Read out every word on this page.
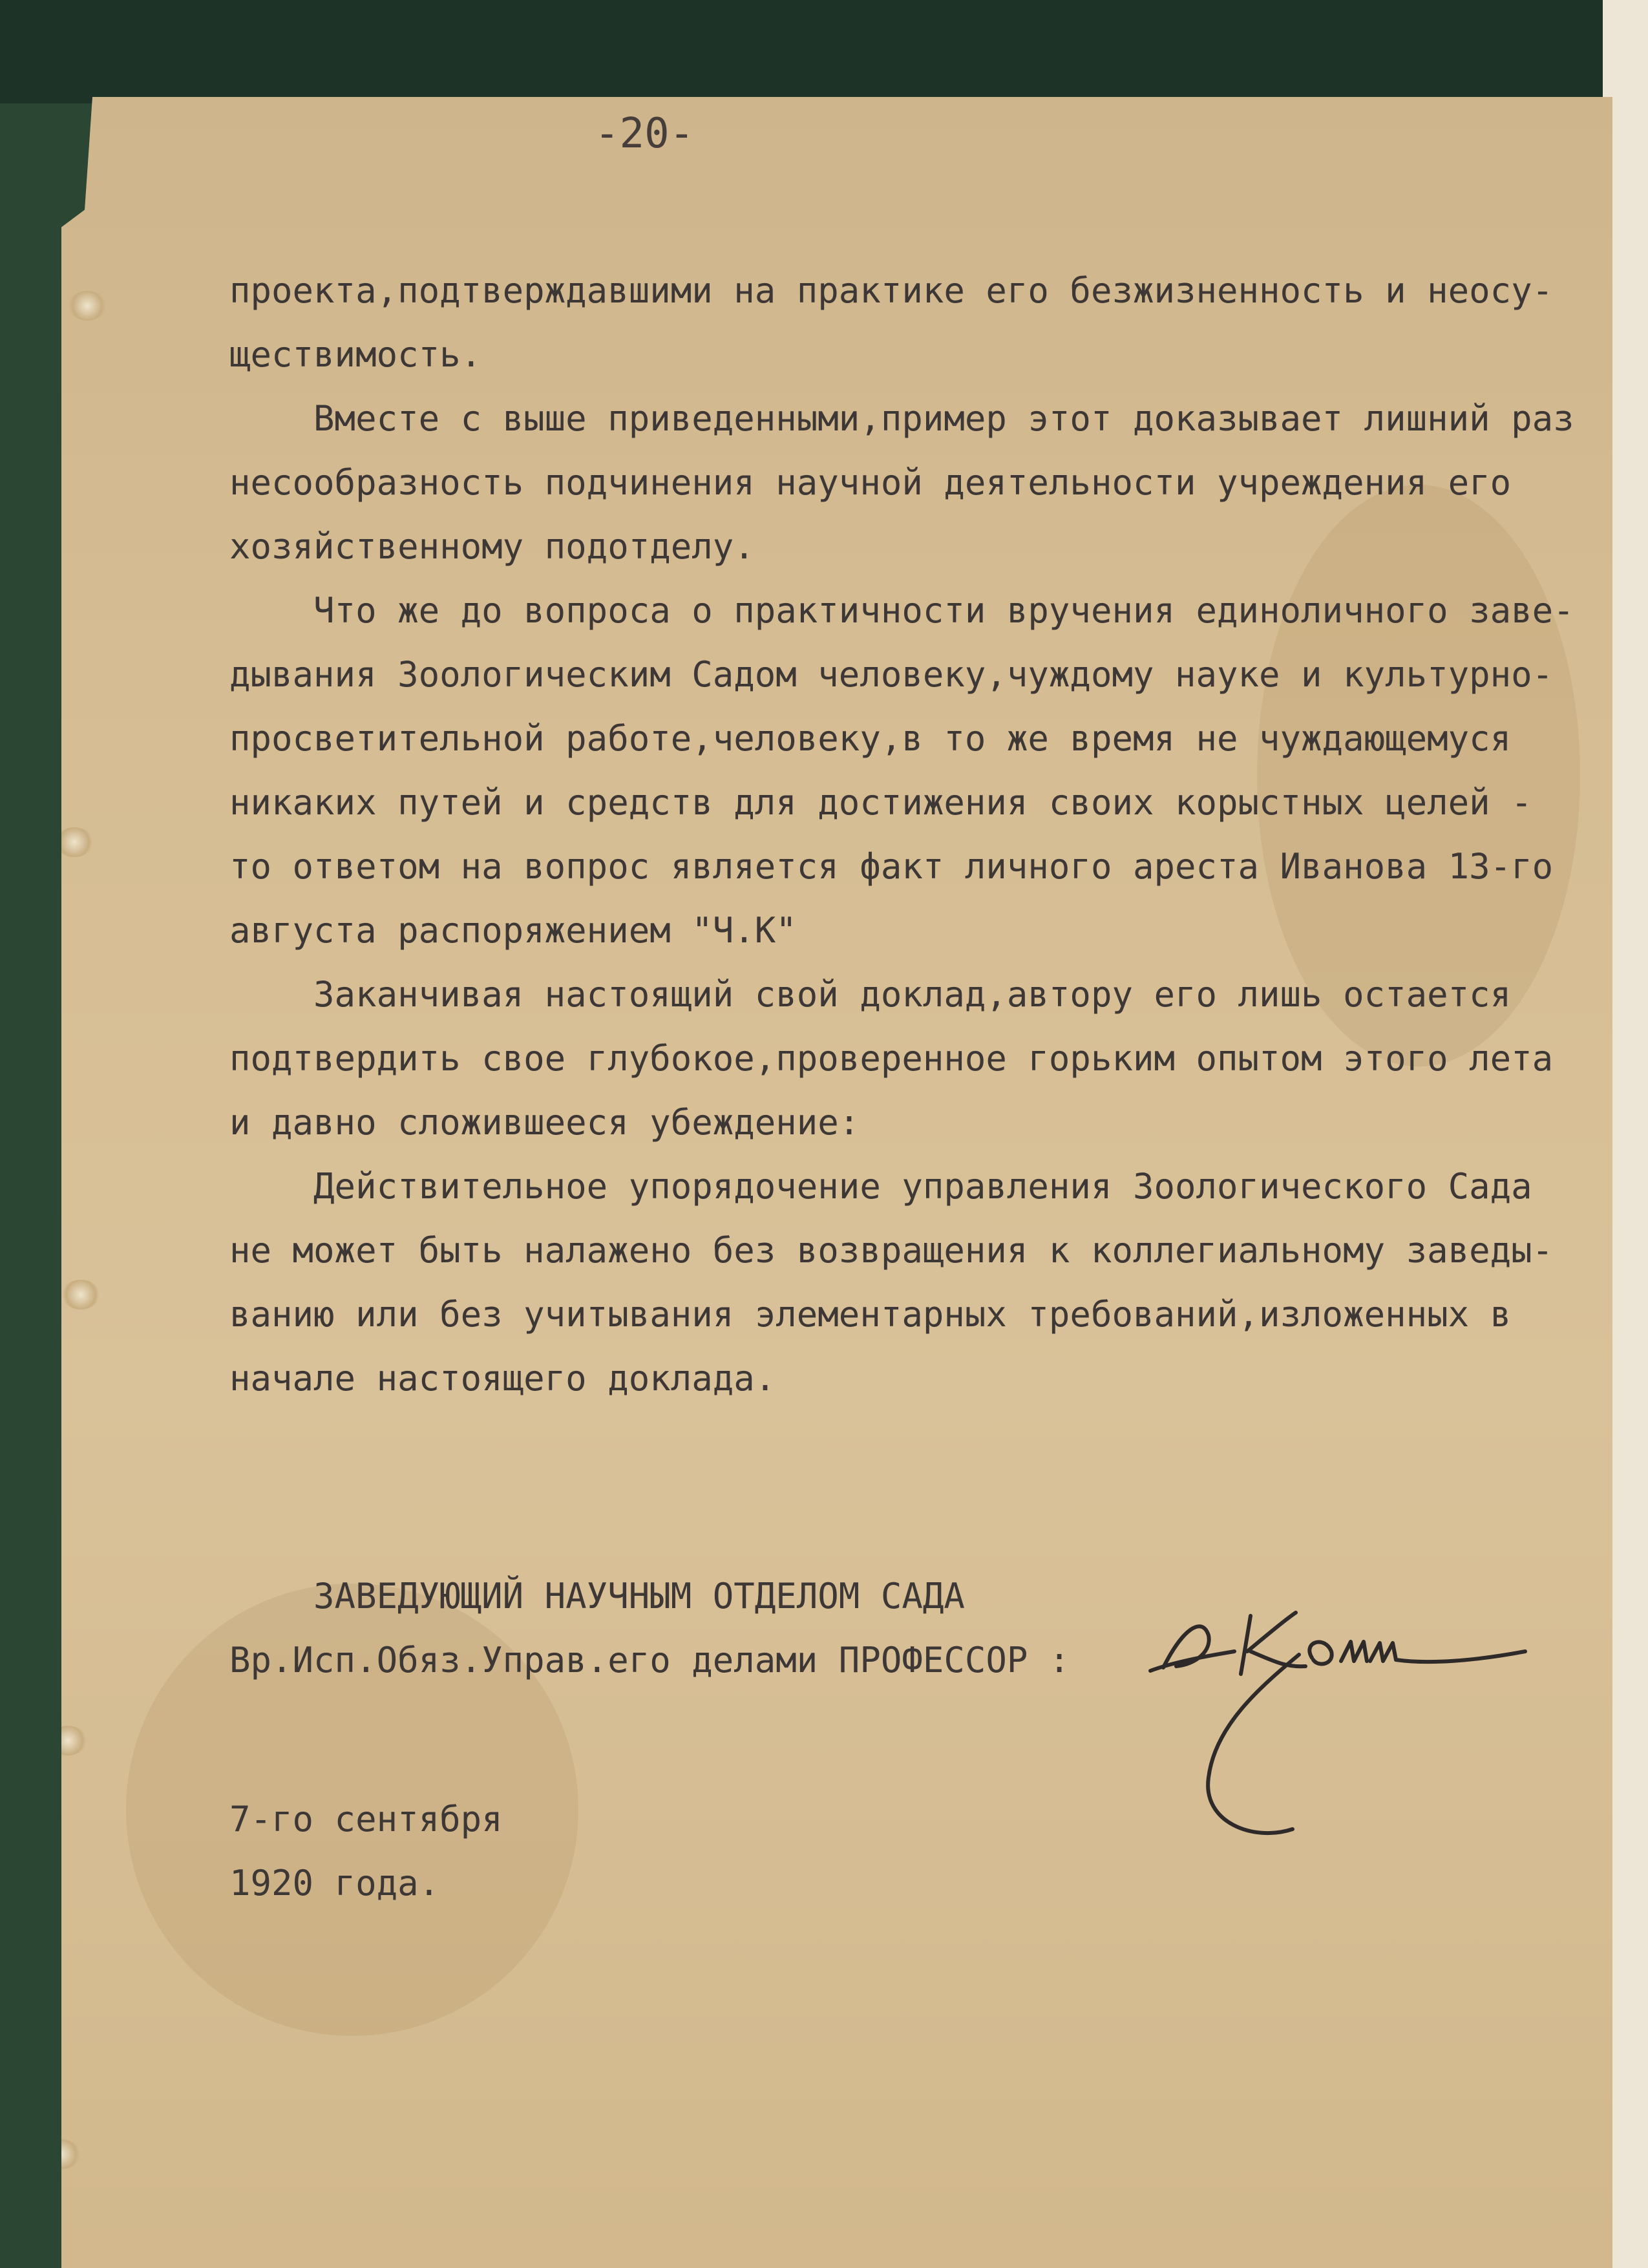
-20-
проекта,подтверждавшими на практике его безжизненность и неосу-
ществимость.
Вместе с выше приведенными,пример этот доказывает лишний раз
несообразность подчинения научной деятельности учреждения его
хозяйственному подотделу.
Что же до вопроса о практичности вручения единоличного заве-
дывания Зоологическим Садом человеку,чуждому науке и культурно-
просветительной работе,человеку,в то же время не чуждающемуся
никаких путей и средств для достижения своих корыстных целей -
то ответом на вопрос является факт личного ареста Иванова 13-го
августа распоряжением "Ч.К"
Заканчивая настоящий свой доклад,автору его лишь остается
подтвердить свое глубокое,проверенное горьким опытом этого лета
и давно сложившееся убеждение:
Действительное упорядочение управления Зоологического Сада
не может быть налажено без возвращения к коллегиальному заведы-
ванию или без учитывания элементарных требований,изложенных в
начале настоящего доклада.
ЗАВЕДУЮЩИЙ НАУЧНЫМ ОТДЕЛОМ САДА
Вр.Исп.Обяз.Управ.его делами ПРОФЕССОР :
7-го сентября
1920 года.
